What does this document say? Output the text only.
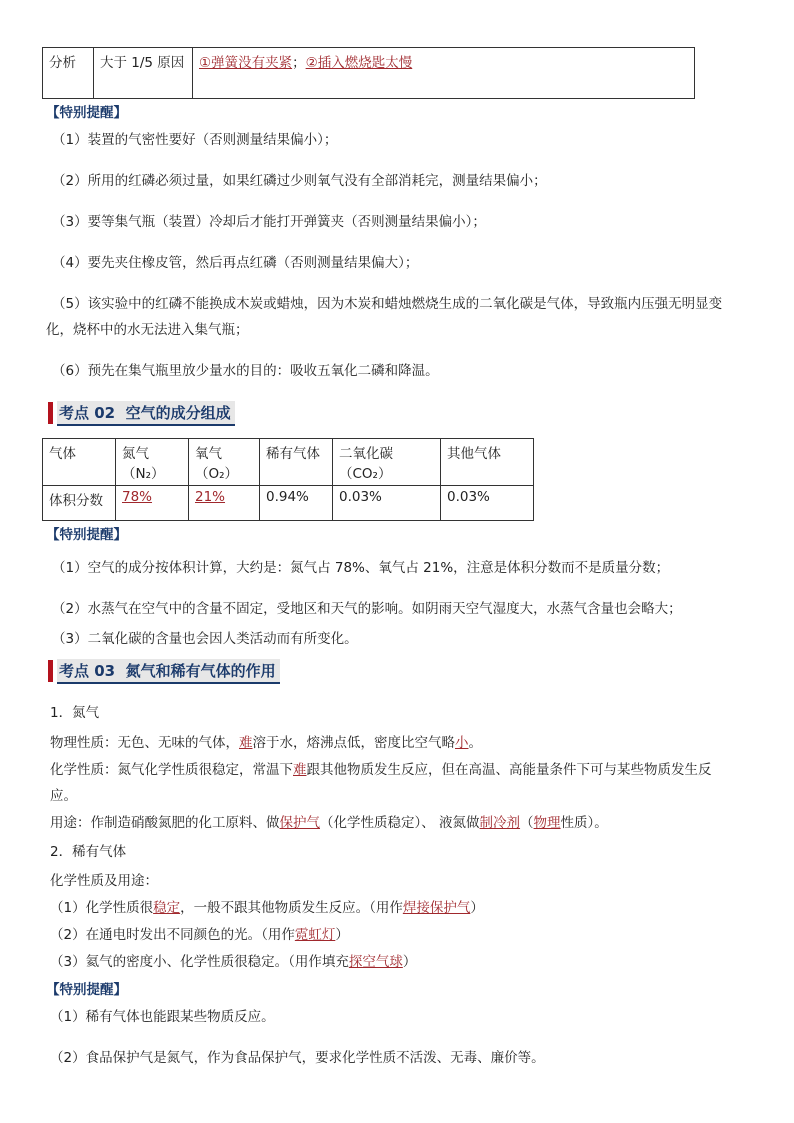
分析	大于 1/5 原因	①弹簧没有夹紧；②插入燃烧匙太慢
【特别提醒】
（1）装置的气密性要好（否则测量结果偏小）；
（2）所用的红磷必须过量，如果红磷过少则氧气没有全部消耗完，测量结果偏小；
（3）要等集气瓶（装置）冷却后才能打开弹簧夹（否则测量结果偏小）；
（4）要先夹住橡皮管，然后再点红磷（否则测量结果偏大）；
（5）该实验中的红磷不能换成木炭或蜡烛，因为木炭和蜡烛燃烧生成的二氧化碳是气体，导致瓶内压强无明显变
化，烧杯中的水无法进入集气瓶；
（6）预先在集气瓶里放少量水的目的：吸收五氧化二磷和降温。
考点 02 空气的成分组成
气体	氮气（N₂）	氧气（O₂）	稀有气体	二氧化碳（CO₂）	其他气体
体积分数	78%	21%	0.94%	0.03%	0.03%
【特别提醒】
（1）空气的成分按体积计算，大约是：氮气占 78%、氧气占 21%，注意是体积分数而不是质量分数；
（2）水蒸气在空气中的含量不固定，受地区和天气的影响。如阴雨天空气湿度大，水蒸气含量也会略大；
（3）二氧化碳的含量也会因人类活动而有所变化。
考点 03 氮气和稀有气体的作用
1．氮气
物理性质：无色、无味的气体，难溶于水，熔沸点低，密度比空气略小。
化学性质：氮气化学性质很稳定，常温下难跟其他物质发生反应，但在高温、高能量条件下可与某些物质发生反
应。
用途：作制造硝酸氮肥的化工原料、做保护气（化学性质稳定）、 液氮做制冷剂（物理性质）。
2．稀有气体
化学性质及用途：
（1）化学性质很稳定，一般不跟其他物质发生反应。（用作焊接保护气）
（2）在通电时发出不同颜色的光。（用作霓虹灯）
（3）氦气的密度小、化学性质很稳定。（用作填充探空气球）
【特别提醒】
（1）稀有气体也能跟某些物质反应。
（2）食品保护气是氮气，作为食品保护气，要求化学性质不活泼、无毒、廉价等。
